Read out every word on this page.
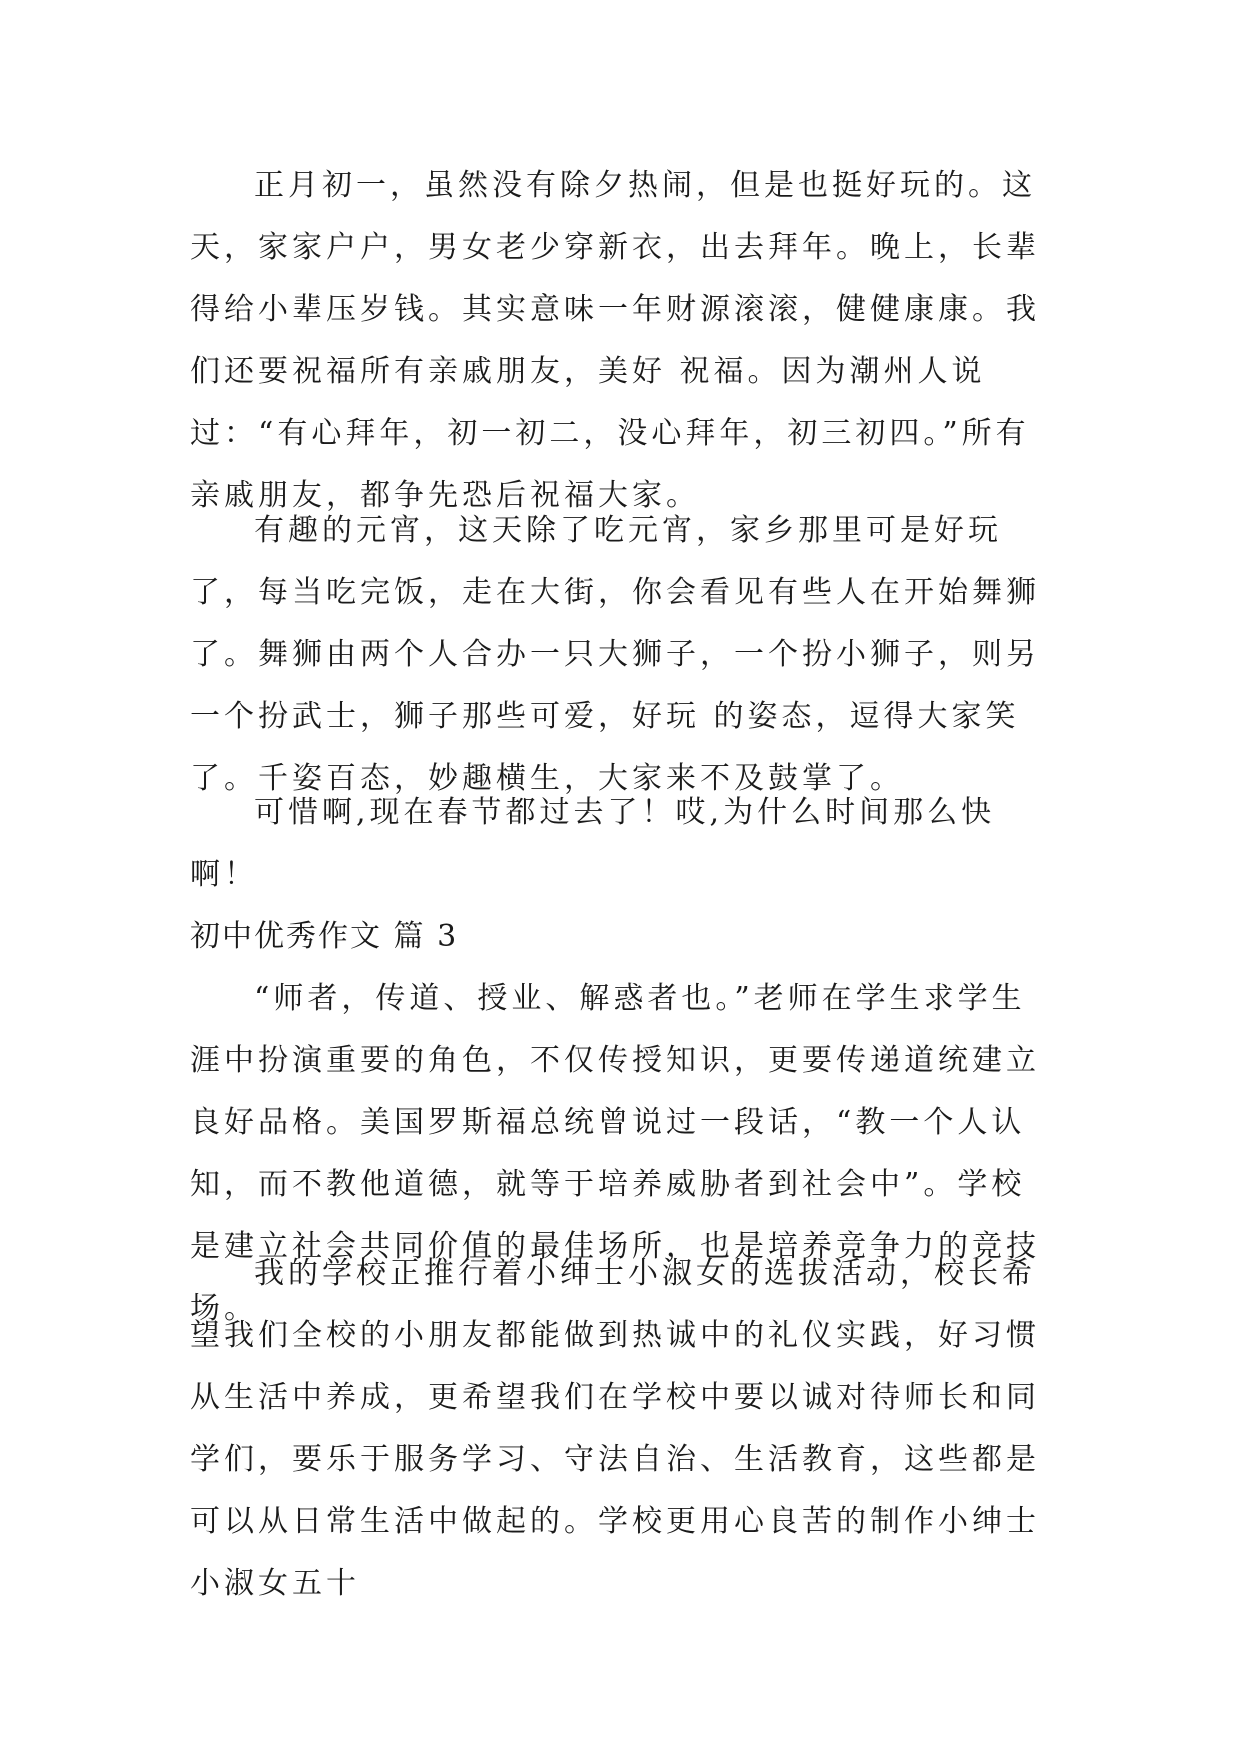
正月初一，虽然没有除夕热闹，但是也挺好玩的。这天，家家户户，男女老少穿新衣，出去拜年。晚上，长辈得给小辈压岁钱。其实意味一年财源滚滚，健健康康。我们还要祝福所有亲戚朋友，美好 祝福。因为潮州人说过：“有心拜年，初一初二，没心拜年，初三初四。”所有亲戚朋友，都争先恐后祝福大家。

有趣的元宵，这天除了吃元宵，家乡那里可是好玩了，每当吃完饭，走在大街，你会看见有些人在开始舞狮了。舞狮由两个人合办一只大狮子，一个扮小狮子，则另一个扮武士，狮子那些可爱，好玩 的姿态，逗得大家笑了。千姿百态，妙趣横生，大家来不及鼓掌了。

可惜啊,现在春节都过去了！哎,为什么时间那么快啊！

初中优秀作文 篇 3

“师者，传道、授业、解惑者也。”老师在学生求学生涯中扮演重要的角色，不仅传授知识，更要传递道统建立良好品格。美国罗斯福总统曾说过一段话，“教一个人认知，而不教他道德，就等于培养威胁者到社会中”。学校是建立社会共同价值的最佳场所，也是培养竞争力的竞技场。

我的学校正推行着小绅士小淑女的选拔活动，校长希望我们全校的小朋友都能做到热诚中的礼仪实践，好习惯从生活中养成，更希望我们在学校中要以诚对待师长和同学们，要乐于服务学习、守法自治、生活教育，这些都是可以从日常生活中做起的。学校更用心良苦的制作小绅士小淑女五十
